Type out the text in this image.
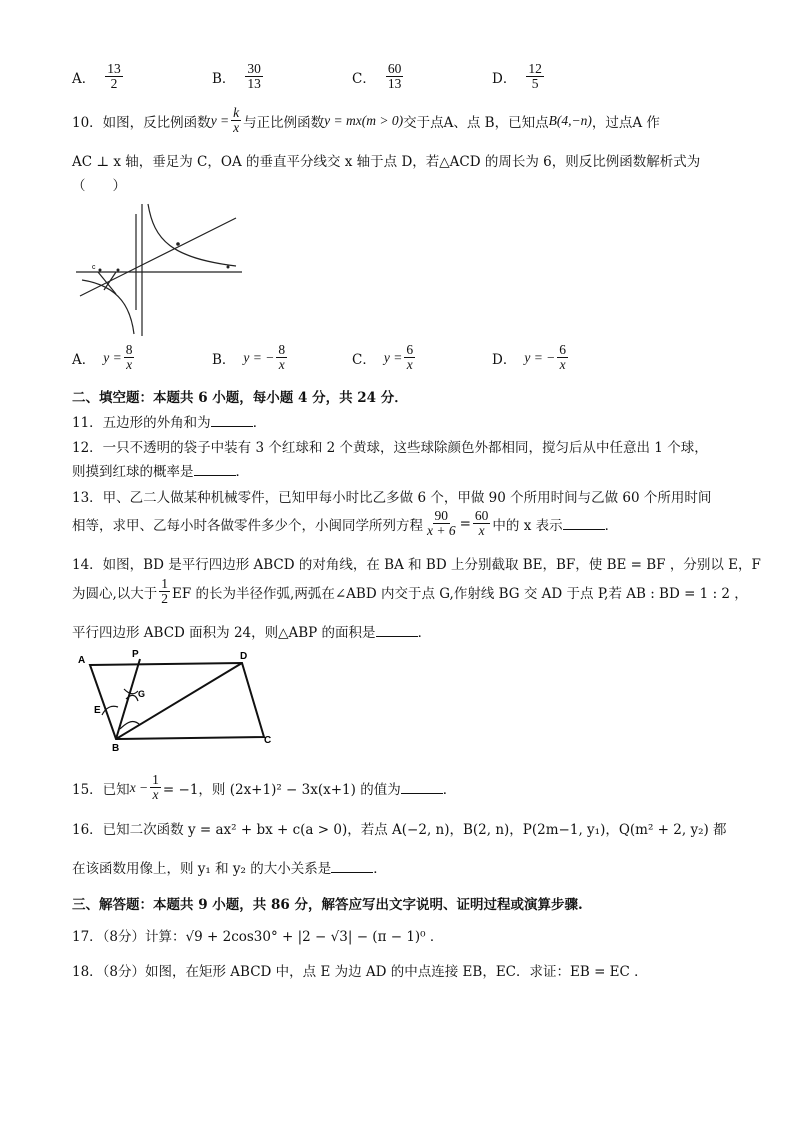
A． $\frac{13}{2}$	B． $\frac{30}{13}$	C． $\frac{60}{13}$	D． $\frac{12}{5}$
10．如图，反比例函数 $y = \frac{k}{x}$ 与正比例函数 y = mx(m > 0) 交于点 A、点 B，已知点 B(4,−n) ，过点 A 作
AC ⊥ x 轴，垂足为 C，OA 的垂直平分线交 x 轴于点 D，若△ACD 的周长为 6，则反比例函数解析式为
（　　）
c
A． $y = \frac{8}{x}$	B． y = − $\frac{8}{x}$	C． $y = \frac{6}{x}$	D． y = − $\frac{6}{x}$
二、填空题：本题共 6 小题，每小题 4 分，共 24 分．
11．五边形的外角和为	．
12．一只不透明的袋子中装有 3 个红球和 2 个黄球，这些球除颜色外都相同，搅匀后从中任意出 1 个球，
则摸到红球的概率是	．
13．甲、乙二人做某种机械零件，已知甲每小时比乙多做 6 个，甲做 90 个所用时间与乙做 60 个所用时间
相等，求甲、乙每小时各做零件多少个，小闽同学所列方程 $\frac{90}{x + 6} = \frac{60}{x}$ 中的 x 表示	．
14．如图，BD 是平行四边形 ABCD 的对角线，在 BA 和 BD 上分别截取 BE，BF，使 BE = BF ，分别以 E，F
为圆心,以大于 $\frac{1}{2}$ EF 的长为半径作弧,两弧在∠ABD 内交于点 G,作射线 BG 交 AD 于点 P,若 AB : BD = 1 : 2 ，
平行四边形 ABCD 面积为 24，则△ABP 的面积是	．
A
P	D
G
E
B
C
15．已知 $x - \frac{1}{x} = -1$，则 (2x+1)² − 3x(x+1) 的值为	．
16．已知二次函数 y = ax² + bx + c(a > 0)，若点 A(−2, n)，B(2, n)，P(2m−1, y₁)，Q(m² + 2, y₂) 都
在该函数用像上，则 y₁ 和 y₂ 的大小关系是	．
三、解答题：本题共 9 小题，共 86 分，解答应写出文字说明、证明过程或演算步骤.
17．（8分）计算：√9 + 2cos30° + |2 − √3| − (π − 1)⁰ ．
18．（8分）如图，在矩形 ABCD 中，点 E 为边 AD 的中点连接 EB，EC．求证：EB = EC ．
